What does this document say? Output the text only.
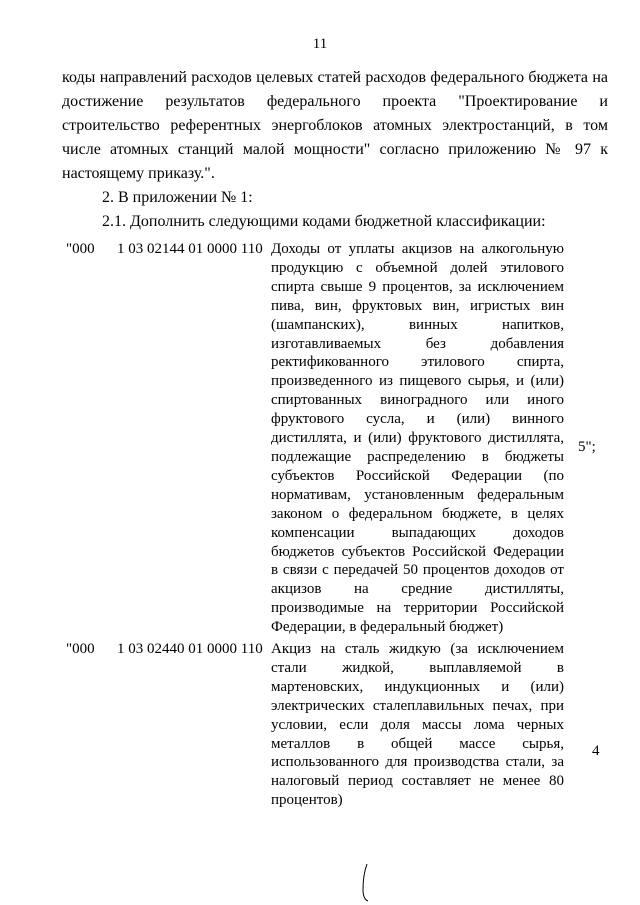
11

коды направлений расходов целевых статей расходов федерального бюджета на достижение результатов федерального проекта "Проектирование и строительство референтных энергоблоков атомных электростанций, в том числе атомных станций малой мощности" согласно приложению № 97 к настоящему приказу.".

2. В приложении № 1:

2.1. Дополнить следующими кодами бюджетной классификации:

"000 1 03 02144 01 0000 110 Доходы от уплаты акцизов на алкогольную продукцию с объемной долей этилового спирта свыше 9 процентов, за исключением пива, вин, фруктовых вин, игристых вин (шампанских), винных напитков, изготавливаемых без добавления ректификованного этилового спирта, произведенного из пищевого сырья, и (или) спиртованных виноградного или иного фруктового сусла, и (или) винного дистиллята, и (или) фруктового дистиллята, подлежащие распределению в бюджеты субъектов Российской Федерации (по нормативам, установленным федеральным законом о федеральном бюджете, в целях компенсации выпадающих доходов бюджетов субъектов Российской Федерации в связи с передачей 50 процентов доходов от акцизов на средние дистилляты, производимые на территории Российской Федерации, в федеральный бюджет)
5";
"000 1 03 02440 01 0000 110 Акциз на сталь жидкую (за исключением стали жидкой, выплавляемой в мартеновских, индукционных и (или) электрических сталеплавильных печах, при условии, если доля массы лома черных металлов в общей массе сырья, использованного для производства стали, за налоговый период составляет не менее 80 процентов)
4
